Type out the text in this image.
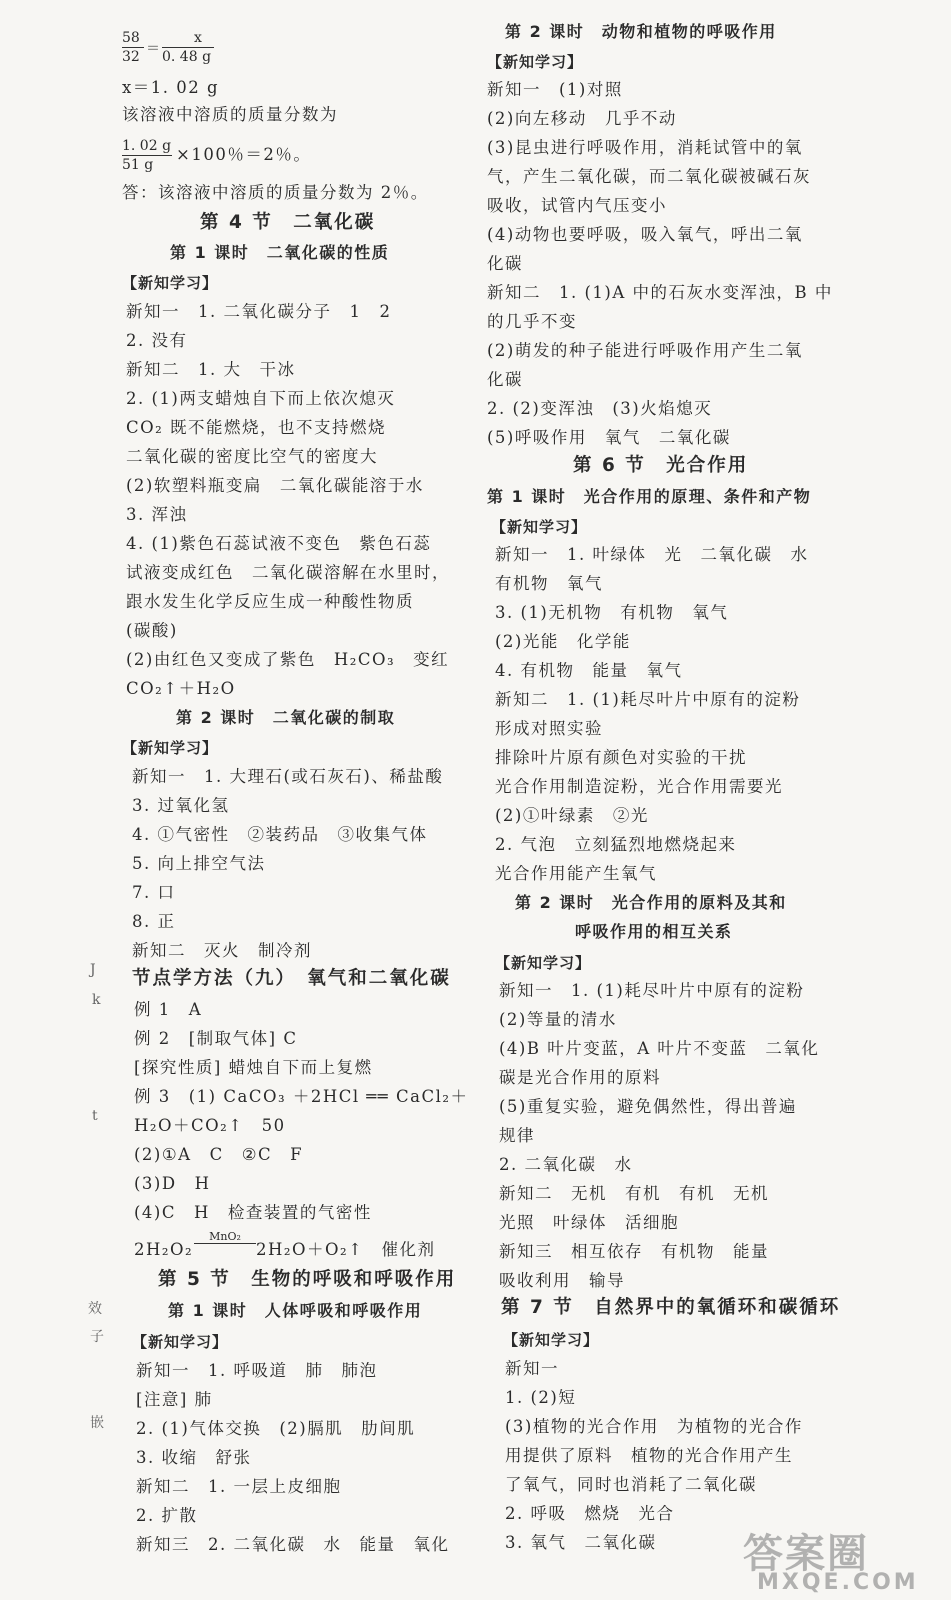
58
32 ＝
x
0. 48 g
x＝1. 02 g
该溶液中溶质的质量分数为
1. 02 g
51 g
×100％＝2％。
答：该溶液中溶质的质量分数为 2％。
第 4 节　二氧化碳
第 1 课时　二氧化碳的性质
【新知学习】
新知一　1. 二氧化碳分子　1　2
2. 没有
新知二　1. 大　干冰
2. (1)两支蜡烛自下而上依次熄灭
CO₂ 既不能燃烧，也不支持燃烧
二氧化碳的密度比空气的密度大
(2)软塑料瓶变扁　二氧化碳能溶于水
3. 浑浊
4. (1)紫色石蕊试液不变色　紫色石蕊
试液变成红色　二氧化碳溶解在水里时，
跟水发生化学反应生成一种酸性物质
(碳酸)
(2)由红色又变成了紫色　H₂CO₃　变红
CO₂↑＋H₂O
第 2 课时　二氧化碳的制取
【新知学习】
新知一　1. 大理石(或石灰石)、稀盐酸
3. 过氧化氢
4. ①气密性　②装药品　③收集气体
5. 向上排空气法
7. 口
8. 正
新知二　灭火　制冷剂
节点学方法（九）　氧气和二氧化碳
例 1　A
例 2　[制取气体] C
[探究性质] 蜡烛自下而上复燃
例 3　(1) CaCO₃ ＋2HCl ══ CaCl₂＋
H₂O＋CO₂↑　50
(2)①A　C　②C　F
(3)D　H
(4)C　H　检查装置的气密性
2H₂O₂
MnO₂
2H₂O＋O₂↑　催化剂
第 5 节　生物的呼吸和呼吸作用
第 1 课时　人体呼吸和呼吸作用
【新知学习】
新知一　1. 呼吸道　肺　肺泡
[注意] 肺
2. (1)气体交换　(2)膈肌　肋间肌
3. 收缩　舒张
新知二　1. 一层上皮细胞
2. 扩散
新知三　2. 二氧化碳　水　能量　氧化
第 2 课时　动物和植物的呼吸作用
【新知学习】
新知一　(1)对照
(2)向左移动　几乎不动
(3)昆虫进行呼吸作用，消耗试管中的氧
气，产生二氧化碳，而二氧化碳被碱石灰
吸收，试管内气压变小
(4)动物也要呼吸，吸入氧气，呼出二氧
化碳
新知二　1. (1)A 中的石灰水变浑浊，B 中
的几乎不变
(2)萌发的种子能进行呼吸作用产生二氧
化碳
2. (2)变浑浊　(3)火焰熄灭
(5)呼吸作用　氧气　二氧化碳
第 6 节　光合作用
第 1 课时　光合作用的原理、条件和产物
【新知学习】
新知一　1. 叶绿体　光　二氧化碳　水
有机物　氧气
3. (1)无机物　有机物　氧气
(2)光能　化学能
4. 有机物　能量　氧气
新知二　1. (1)耗尽叶片中原有的淀粉
形成对照实验
排除叶片原有颜色对实验的干扰
光合作用制造淀粉，光合作用需要光
(2)①叶绿素　②光
2. 气泡　立刻猛烈地燃烧起来
光合作用能产生氧气
第 2 课时　光合作用的原料及其和
呼吸作用的相互关系
【新知学习】
新知一　1. (1)耗尽叶片中原有的淀粉
(2)等量的清水
(4)B 叶片变蓝，A 叶片不变蓝　二氧化
碳是光合作用的原料
(5)重复实验，避免偶然性，得出普遍
规律
2. 二氧化碳　水
新知二　无机　有机　有机　无机
光照　叶绿体　活细胞
新知三　相互依存　有机物　能量
吸收利用　输导
第 7 节　自然界中的氧循环和碳循环
【新知学习】
新知一
1. (2)短
(3)植物的光合作用　为植物的光合作
用提供了原料　植物的光合作用产生
了氧气，同时也消耗了二氧化碳
2. 呼吸　燃烧　光合
3. 氧气　二氧化碳
J
k
t
效
子
嵌
答案圈
MXQE.COM
